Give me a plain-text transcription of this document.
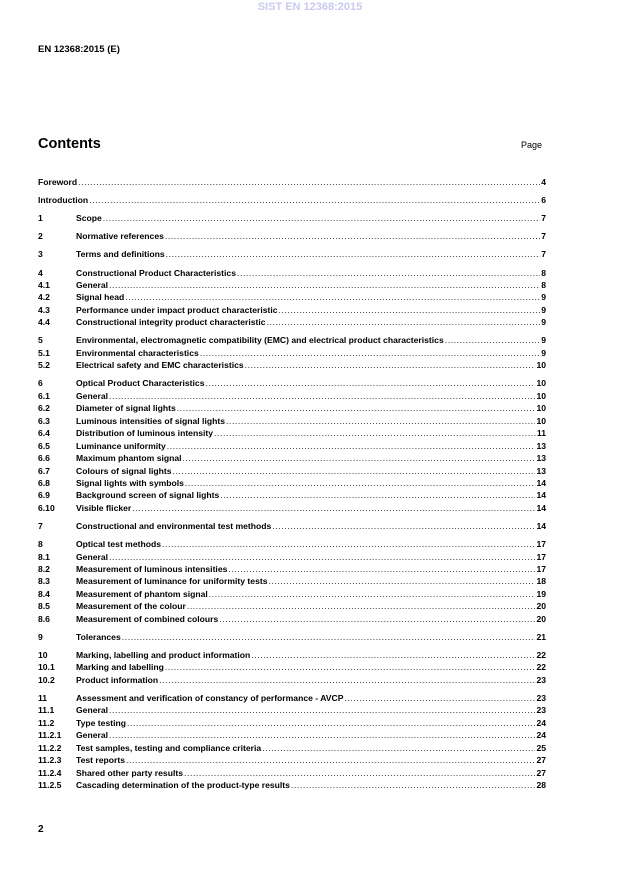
SIST EN 12368:2015
EN 12368:2015 (E)
Contents	Page
Foreword .....	4
Introduction .....	6
1	Scope .....	7
2	Normative references .....	7
3	Terms and definitions .....	7
4	Constructional Product Characteristics .....	8
4.1	General .....	8
4.2	Signal head .....	9
4.3	Performance under impact product characteristic .....	9
4.4	Constructional integrity product characteristic .....	9
5	Environmental, electromagnetic compatibility (EMC) and electrical product characteristics .....	9
5.1	Environmental characteristics .....	9
5.2	Electrical safety and EMC characteristics .....	10
6	Optical Product Characteristics .....	10
6.1	General .....	10
6.2	Diameter of signal lights .....	10
6.3	Luminous intensities of signal lights .....	10
6.4	Distribution of luminous intensity .....	11
6.5	Luminance uniformity .....	13
6.6	Maximum phantom signal .....	13
6.7	Colours of signal lights .....	13
6.8	Signal lights with symbols .....	14
6.9	Background screen of signal lights .....	14
6.10	Visible flicker .....	14
7	Constructional and environmental test methods .....	14
8	Optical test methods .....	17
8.1	General .....	17
8.2	Measurement of luminous intensities .....	17
8.3	Measurement of luminance for uniformity tests .....	18
8.4	Measurement of phantom signal .....	19
8.5	Measurement of the colour .....	20
8.6	Measurement of combined colours .....	20
9	Tolerances .....	21
10	Marking, labelling and product information .....	22
10.1	Marking and labelling .....	22
10.2	Product information .....	23
11	Assessment and verification of constancy of performance - AVCP .....	23
11.1	General .....	23
11.2	Type testing .....	24
11.2.1	General .....	24
11.2.2	Test samples, testing and compliance criteria .....	25
11.2.3	Test reports .....	27
11.2.4	Shared other party results .....	27
11.2.5	Cascading determination of the product-type results .....	28
2
